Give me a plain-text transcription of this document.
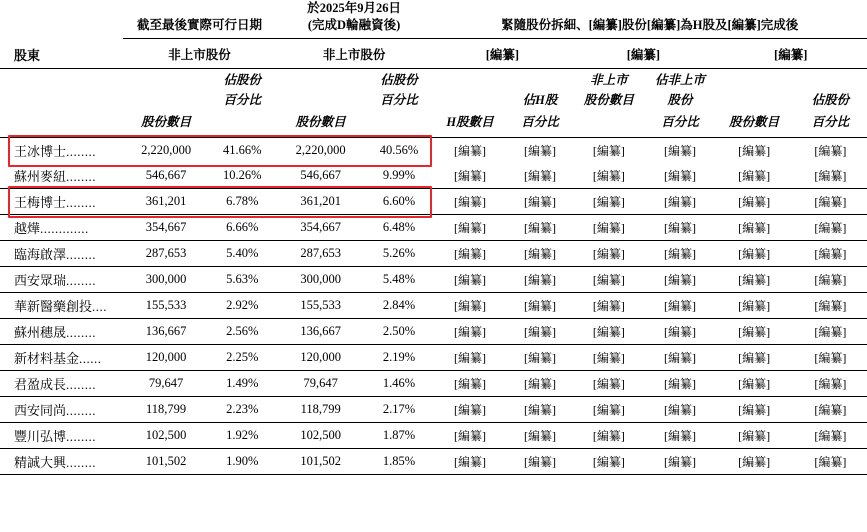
			於2025年9月26日							
	截至最後實際可行日期		(完成D輪融資後)		緊隨股份拆細、[編纂]股份[編纂]為H股及[編纂]完成後					

股東	非上市股份		非上市股份		[編纂]		[編纂]		[編纂]	

		佔股份		佔股份			非上市	佔非上市		
		百分比		百分比		佔H股	股份數目	股份		佔股份
	股份數目		股份數目		H股數目	百分比		百分比	股份數目	百分比

王冰博士........	2,220,000	41.66%	2,220,000	40.56%	[編纂]	[編纂]	[編纂]	[編纂]	[編纂]	[編纂]
蘇州麥紐........	546,667	10.26%	546,667	9.99%	[編纂]	[編纂]	[編纂]	[編纂]	[編纂]	[編纂]
王梅博士........	361,201	6.78%	361,201	6.60%	[編纂]	[編纂]	[編纂]	[編纂]	[編纂]	[編纂]
越燁.............	354,667	6.66%	354,667	6.48%	[編纂]	[編纂]	[編纂]	[編纂]	[編纂]	[編纂]
臨海啟澤........	287,653	5.40%	287,653	5.26%	[編纂]	[編纂]	[編纂]	[編纂]	[編纂]	[編纂]
西安眾瑞........	300,000	5.63%	300,000	5.48%	[編纂]	[編纂]	[編纂]	[編纂]	[編纂]	[編纂]
華新醫藥創投....	155,533	2.92%	155,533	2.84%	[編纂]	[編纂]	[編纂]	[編纂]	[編纂]	[編纂]
蘇州穗晟........	136,667	2.56%	136,667	2.50%	[編纂]	[編纂]	[編纂]	[編纂]	[編纂]	[編纂]
新材料基金......	120,000	2.25%	120,000	2.19%	[編纂]	[編纂]	[編纂]	[編纂]	[編纂]	[編纂]
君盈成長........	79,647	1.49%	79,647	1.46%	[編纂]	[編纂]	[編纂]	[編纂]	[編纂]	[編纂]
西安同尚........	118,799	2.23%	118,799	2.17%	[編纂]	[編纂]	[編纂]	[編纂]	[編纂]	[編纂]
豐川弘博........	102,500	1.92%	102,500	1.87%	[編纂]	[編纂]	[編纂]	[編纂]	[編纂]	[編纂]
精誠大興........	101,502	1.90%	101,502	1.85%	[編纂]	[編纂]	[編纂]	[編纂]	[編纂]	[編纂]
